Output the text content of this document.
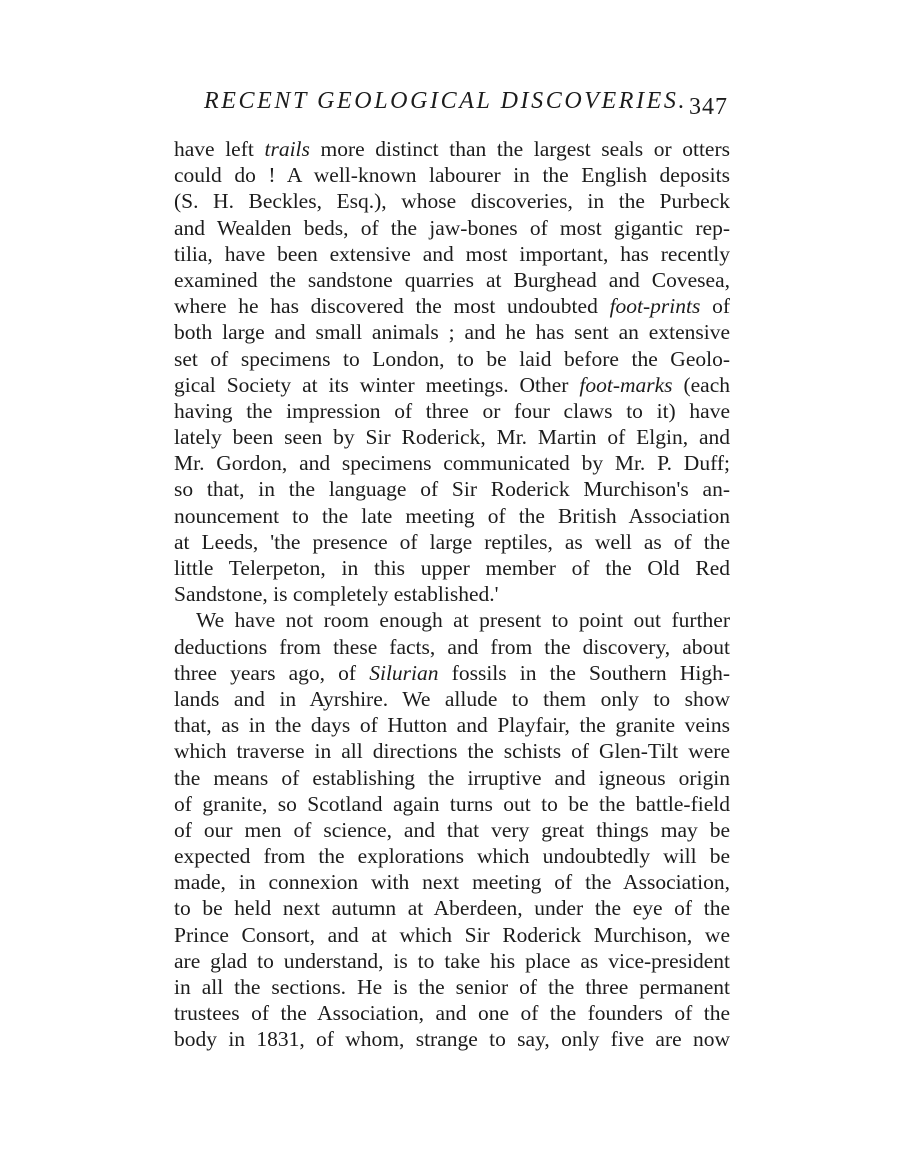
RECENT GEOLOGICAL DISCOVERIES. 347
have left trails more distinct than the largest seals or otters
could do ! A well-known labourer in the English deposits
(S. H. Beckles, Esq.), whose discoveries, in the Purbeck
and Wealden beds, of the jaw-bones of most gigantic rep-
tilia, have been extensive and most important, has recently
examined the sandstone quarries at Burghead and Covesea,
where he has discovered the most undoubted foot-prints of
both large and small animals ; and he has sent an extensive
set of specimens to London, to be laid before the Geolo-
gical Society at its winter meetings. Other foot-marks (each
having the impression of three or four claws to it) have
lately been seen by Sir Roderick, Mr. Martin of Elgin, and
Mr. Gordon, and specimens communicated by Mr. P. Duff;
so that, in the language of Sir Roderick Murchison's an-
nouncement to the late meeting of the British Association
at Leeds, 'the presence of large reptiles, as well as of the
little Telerpeton, in this upper member of the Old Red
Sandstone, is completely established.'
We have not room enough at present to point out further
deductions from these facts, and from the discovery, about
three years ago, of Silurian fossils in the Southern High-
lands and in Ayrshire. We allude to them only to show
that, as in the days of Hutton and Playfair, the granite veins
which traverse in all directions the schists of Glen-Tilt were
the means of establishing the irruptive and igneous origin
of granite, so Scotland again turns out to be the battle-field
of our men of science, and that very great things may be
expected from the explorations which undoubtedly will be
made, in connexion with next meeting of the Association,
to be held next autumn at Aberdeen, under the eye of the
Prince Consort, and at which Sir Roderick Murchison, we
are glad to understand, is to take his place as vice-president
in all the sections. He is the senior of the three permanent
trustees of the Association, and one of the founders of the
body in 1831, of whom, strange to say, only five are now
